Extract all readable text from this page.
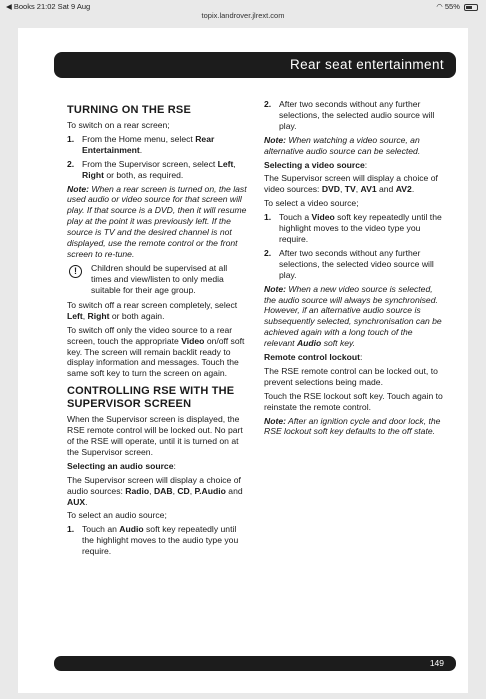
◀ Books 21:02 Sat 9 Aug	◠ 55%
topix.landrover.jlrext.com
Rear seat entertainment
TURNING ON THE RSE
To switch on a rear screen;
1. From the Home menu, select Rear Entertainment.
2. From the Supervisor screen, select Left, Right or both, as required.
Note: When a rear screen is turned on, the last used audio or video source for that screen will play. If that source is a DVD, then it will resume play at the point it was previously left. If the source is TV and the desired channel is not displayed, use the remote control or the front screen to re-tune.
!	Children should be supervised at all times and view/listen to only media suitable for their age group.
To switch off a rear screen completely, select Left, Right or both again.
To switch off only the video source to a rear screen, touch the appropriate Video on/off soft key. The screen will remain backlit ready to display information and messages. Touch the same soft key to turn the screen on again.
CONTROLLING RSE WITH THE SUPERVISOR SCREEN
When the Supervisor screen is displayed, the RSE remote control will be locked out. No part of the RSE will operate, until it is turned on at the Supervisor screen.
Selecting an audio source:
The Supervisor screen will display a choice of audio sources: Radio, DAB, CD, P.Audio and AUX.
To select an audio source;
1. Touch an Audio soft key repeatedly until the highlight moves to the audio type you require.
2. After two seconds without any further selections, the selected audio source will play.
Note: When watching a video source, an alternative audio source can be selected.
Selecting a video source:
The Supervisor screen will display a choice of video sources: DVD, TV, AV1 and AV2.
To select a video source;
1. Touch a Video soft key repeatedly until the highlight moves to the video type you require.
2. After two seconds without any further selections, the selected video source will play.
Note: When a new video source is selected, the audio source will always be synchronised. However, if an alternative audio source is subsequently selected, synchronisation can be achieved again with a long touch of the relevant Audio soft key.
Remote control lockout:
The RSE remote control can be locked out, to prevent selections being made.
Touch the RSE lockout soft key. Touch again to reinstate the remote control.
Note: After an ignition cycle and door lock, the RSE lockout soft key defaults to the off state.
149
